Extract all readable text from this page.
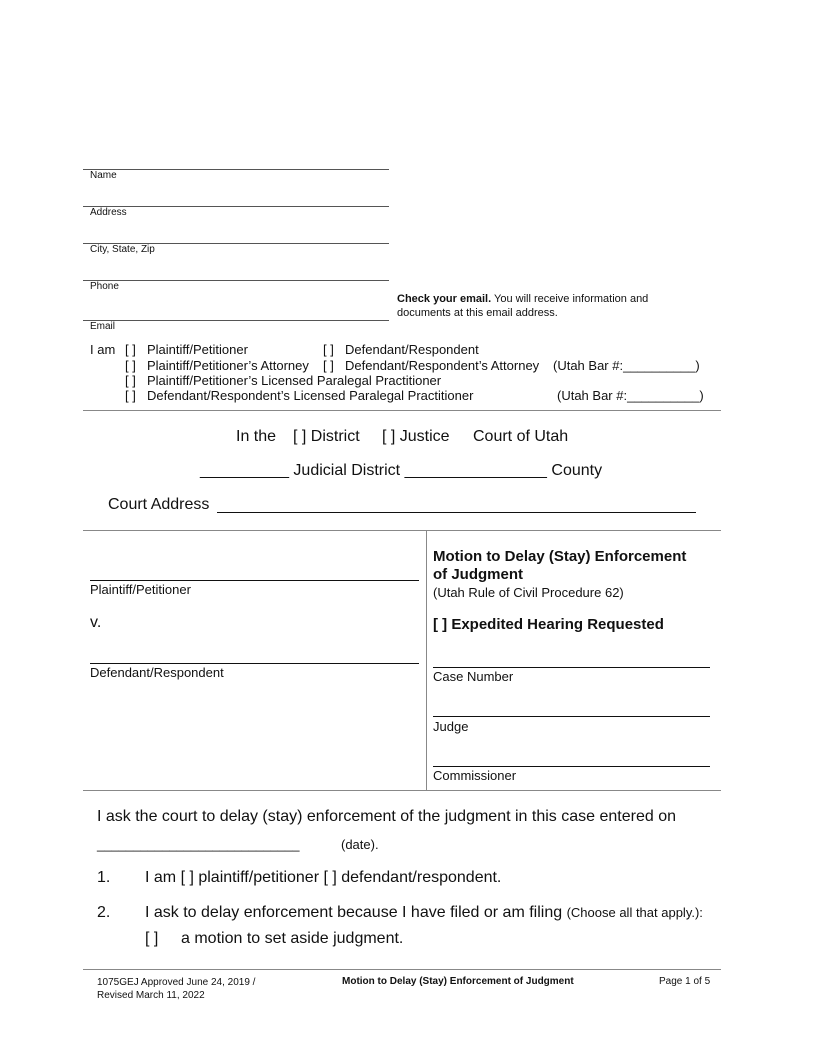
Name
Address
City, State, Zip
Phone
Email
Check your email. You will receive information and documents at this email address.
I am [ ] Plaintiff/Petitioner	[ ] Defendant/Respondent
[ ] Plaintiff/Petitioner’s Attorney [ ] Defendant/Respondent’s Attorney (Utah Bar #:__________)
[ ] Plaintiff/Petitioner’s Licensed Paralegal Practitioner
[ ] Defendant/Respondent’s Licensed Paralegal Practitioner	(Utah Bar #:__________)
In the [ ] District [ ] Justice Court of Utah
__________ Judicial District ________________ County
Court Address
Plaintiff/Petitioner
v.
Defendant/Respondent
Motion to Delay (Stay) Enforcement
of Judgment
(Utah Rule of Civil Procedure 62)
[ ] Expedited Hearing Requested
Case Number
Judge
Commissioner
I ask the court to delay (stay) enforcement of the judgment in this case entered on
____________________________	(date).
1. I am [ ] plaintiff/petitioner [ ] defendant/respondent.
2. I ask to delay enforcement because I have filed or am filing (Choose all that apply.):
[ ] a motion to set aside judgment.
1075GEJ Approved June 24, 2019 /
Revised March 11, 2022
Motion to Delay (Stay) Enforcement of Judgment	Page 1 of 5
